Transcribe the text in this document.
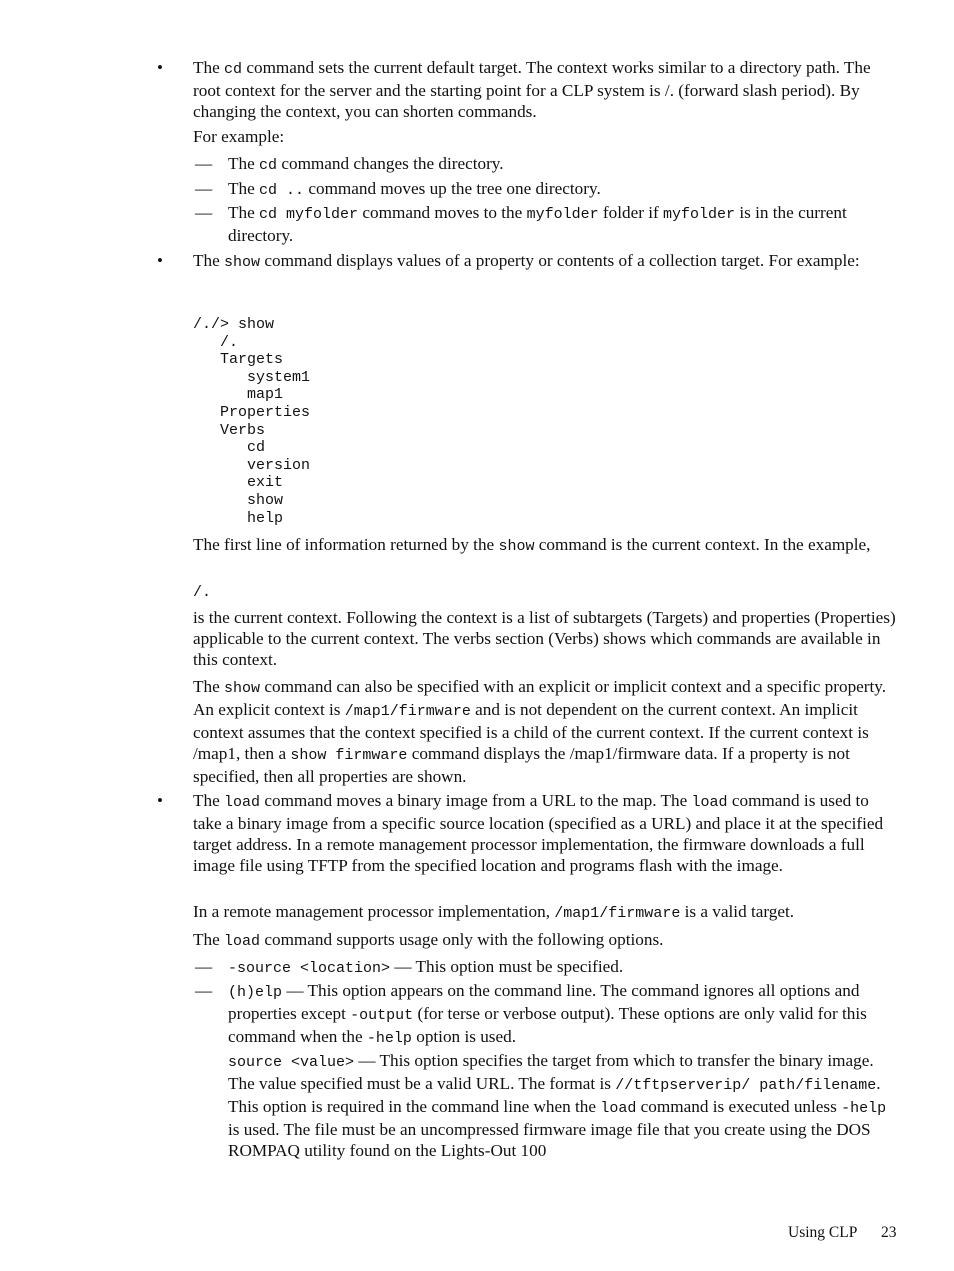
• The cd command sets the current default target. The context works similar to a directory path. The root context for the server and the starting point for a CLP system is /. (forward slash period). By changing the context, you can shorten commands.

For example:

— The cd command changes the directory.

— The cd .. command moves up the tree one directory.

— The cd myfolder command moves to the myfolder folder if myfolder is in the current directory.

• The show command displays values of a property or contents of a collection target. For example:

/./> show
/.
Targets
system1
map1
Properties
Verbs
cd
version
exit
show
help

The first line of information returned by the show command is the current context. In the example,

/.

is the current context. Following the context is a list of subtargets (Targets) and properties (Properties) applicable to the current context. The verbs section (Verbs) shows which commands are available in this context.

The show command can also be specified with an explicit or implicit context and a specific property. An explicit context is /map1/firmware and is not dependent on the current context. An implicit context assumes that the context specified is a child of the current context. If the current context is /map1, then a show firmware command displays the /map1/firmware data. If a property is not specified, then all properties are shown.

• The load command moves a binary image from a URL to the map. The load command is used to take a binary image from a specific source location (specified as a URL) and place it at the specified target address. In a remote management processor implementation, the firmware downloads a full image file using TFTP from the specified location and programs flash with the image.

In a remote management processor implementation, /map1/firmware is a valid target.

The load command supports usage only with the following options.

— -source <location> — This option must be specified.

— (h)elp — This option appears on the command line. The command ignores all options and properties except -output (for terse or verbose output). These options are only valid for this command when the -help option is used.

source <value> — This option specifies the target from which to transfer the binary image. The value specified must be a valid URL. The format is //tftpserverip/ path/filename. This option is required in the command line when the load command is executed unless -help is used. The file must be an uncompressed firmware image file that you create using the DOS ROMPAQ utility found on the Lights-Out 100

Using CLP 23
